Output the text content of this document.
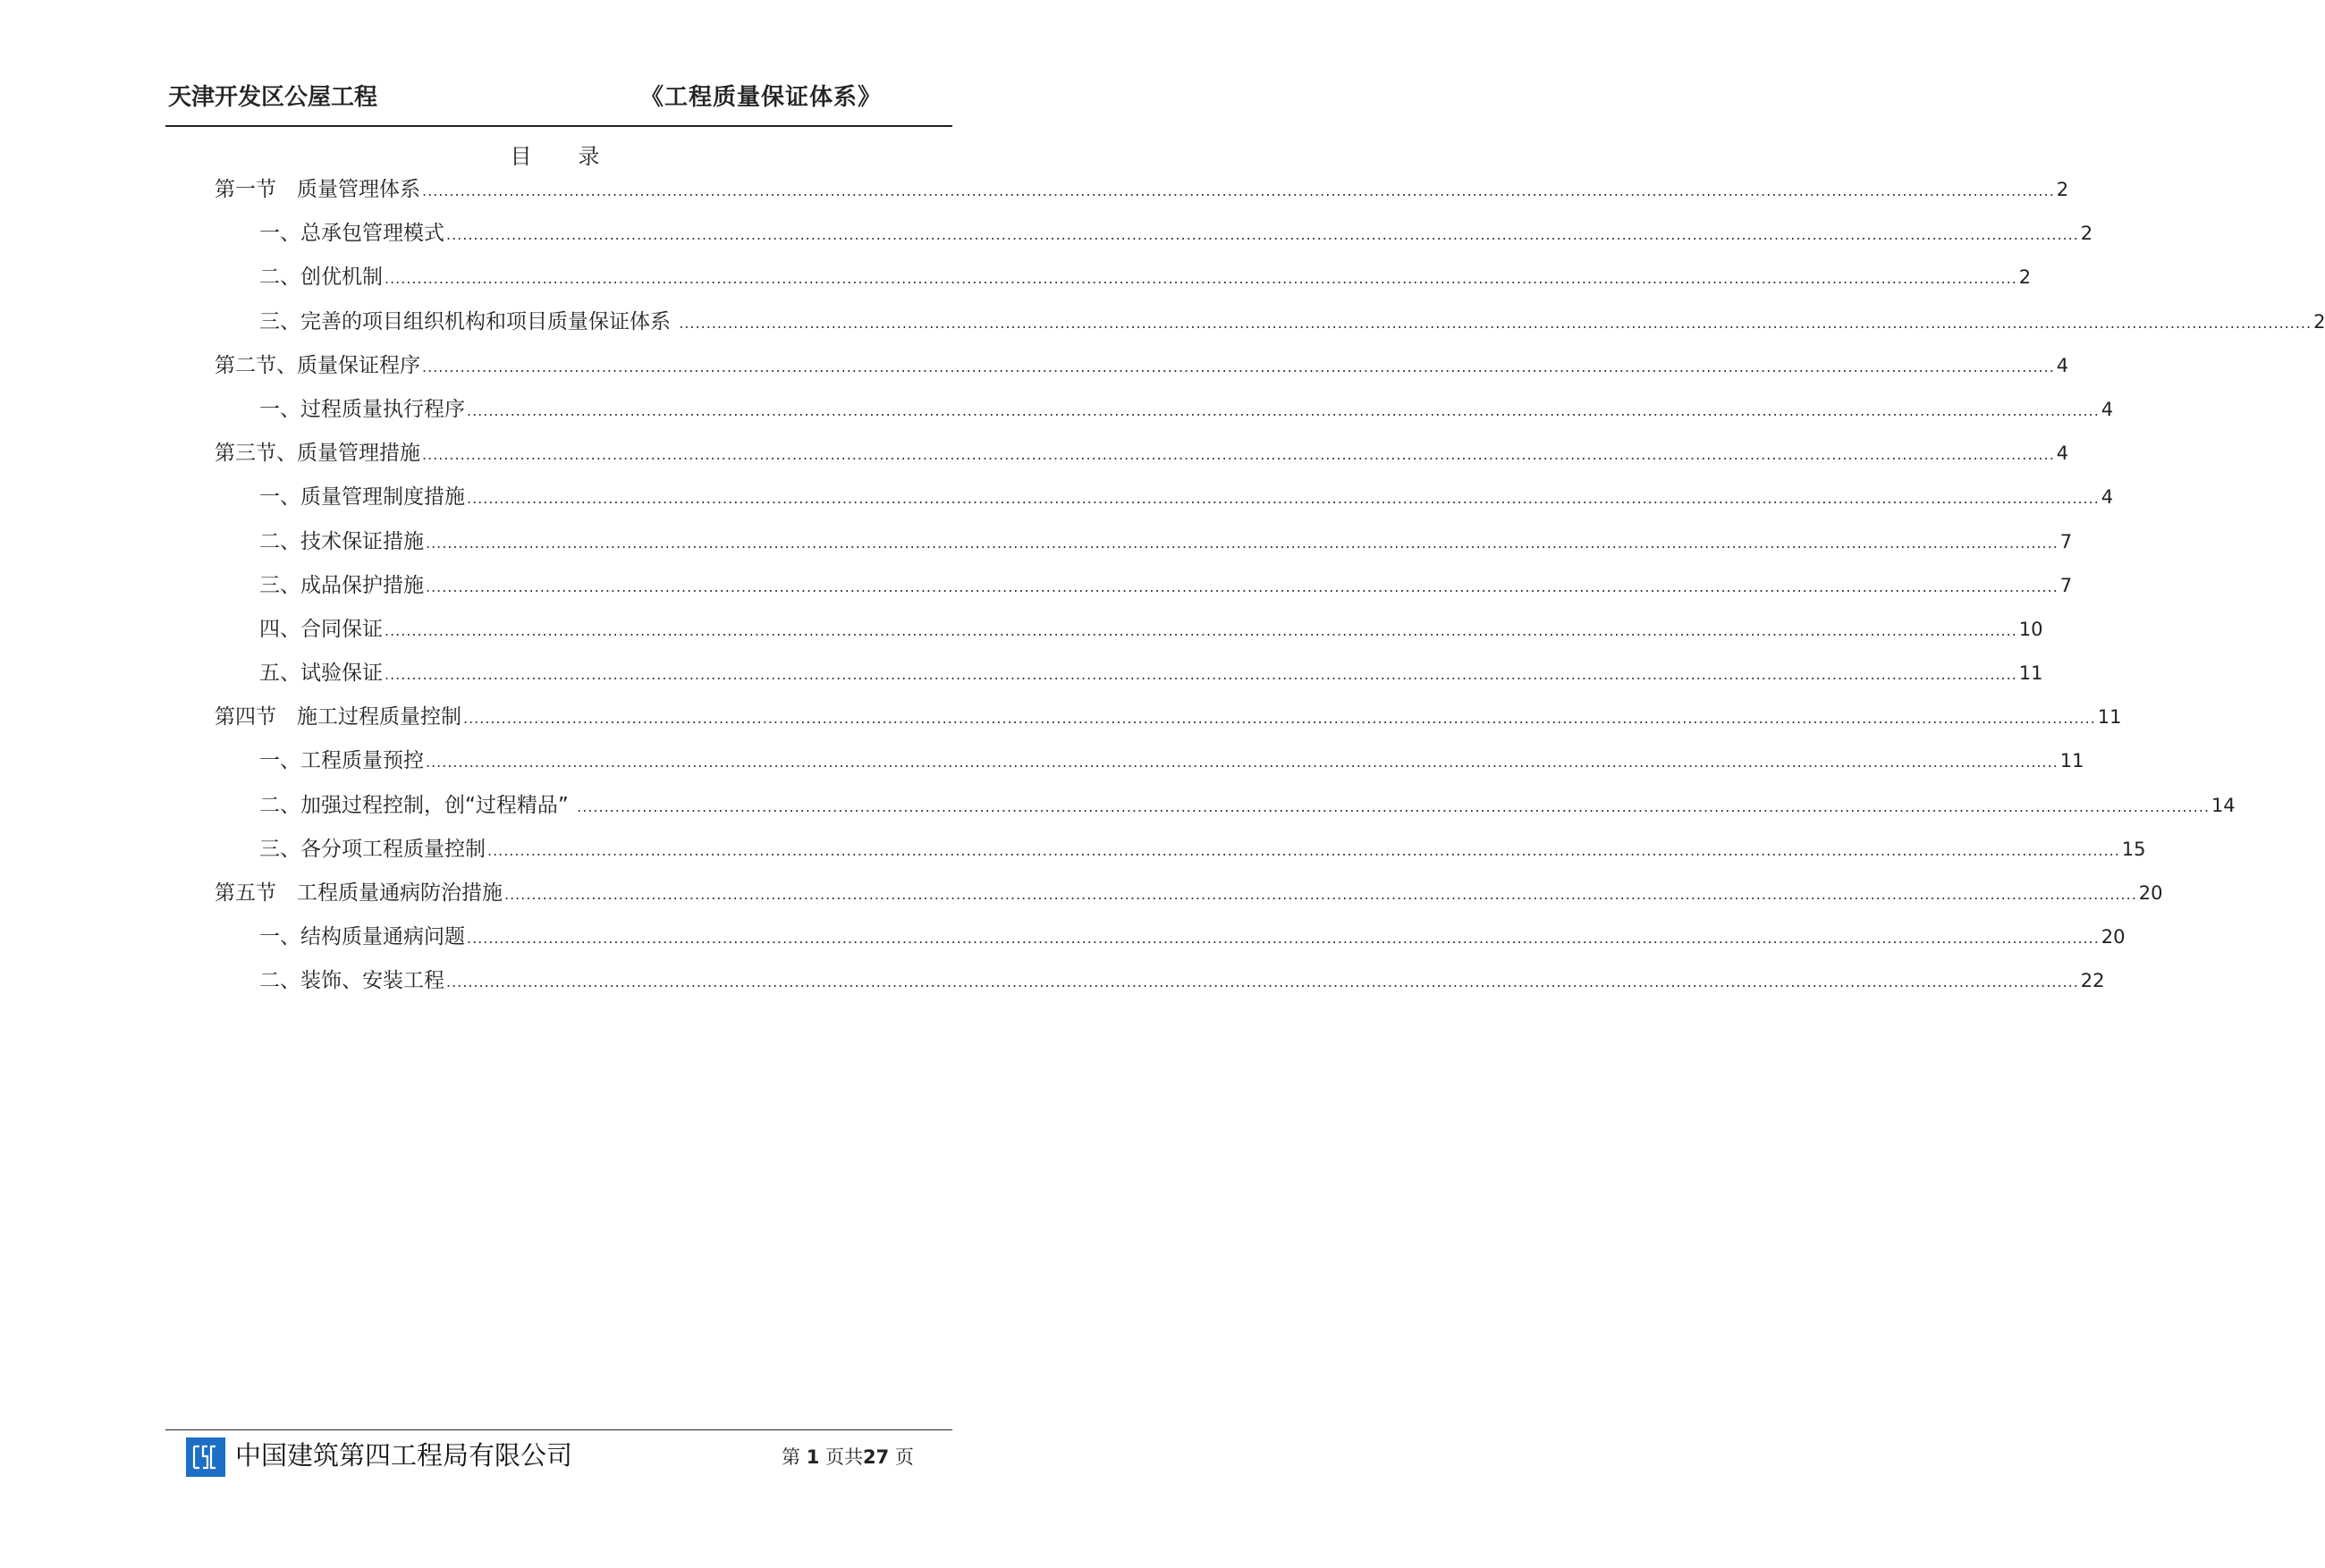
天津开发区公屋工程	《工程质量保证体系》
目 录
第一节　质量管理体系 ............................................................................................................................................................................................................................................................................................................ 2
一、总承包管理模式 ............................................................................................................................................................................................................................................................................................................ 2
二、创优机制 ............................................................................................................................................................................................................................................................................................................ 2
三、完善的项目组织机构和项目质量保证体系 ............................................................................................................................................................................................................................................................................................................ 2
第二节、质量保证程序 ............................................................................................................................................................................................................................................................................................................ 4
一、过程质量执行程序 ............................................................................................................................................................................................................................................................................................................ 4
第三节、质量管理措施 ............................................................................................................................................................................................................................................................................................................ 4
一、质量管理制度措施 ............................................................................................................................................................................................................................................................................................................ 4
二、技术保证措施 ............................................................................................................................................................................................................................................................................................................ 7
三、成品保护措施 ............................................................................................................................................................................................................................................................................................................ 7
四、合同保证 ............................................................................................................................................................................................................................................................................................................ 10
五、试验保证 ............................................................................................................................................................................................................................................................................................................ 11
第四节　施工过程质量控制 ............................................................................................................................................................................................................................................................................................................ 11
一、工程质量预控 ............................................................................................................................................................................................................................................................................................................ 11
二、加强过程控制，创“过程精品” ............................................................................................................................................................................................................................................................................................................ 14
三、各分项工程质量控制 ............................................................................................................................................................................................................................................................................................................ 15
第五节　工程质量通病防治措施 ............................................................................................................................................................................................................................................................................................................ 20
一、结构质量通病问题 ............................................................................................................................................................................................................................................................................................................ 20
二、装饰、安装工程 ............................................................................................................................................................................................................................................................................................................ 22
中国建筑第四工程局有限公司	第 1 页共27 页
